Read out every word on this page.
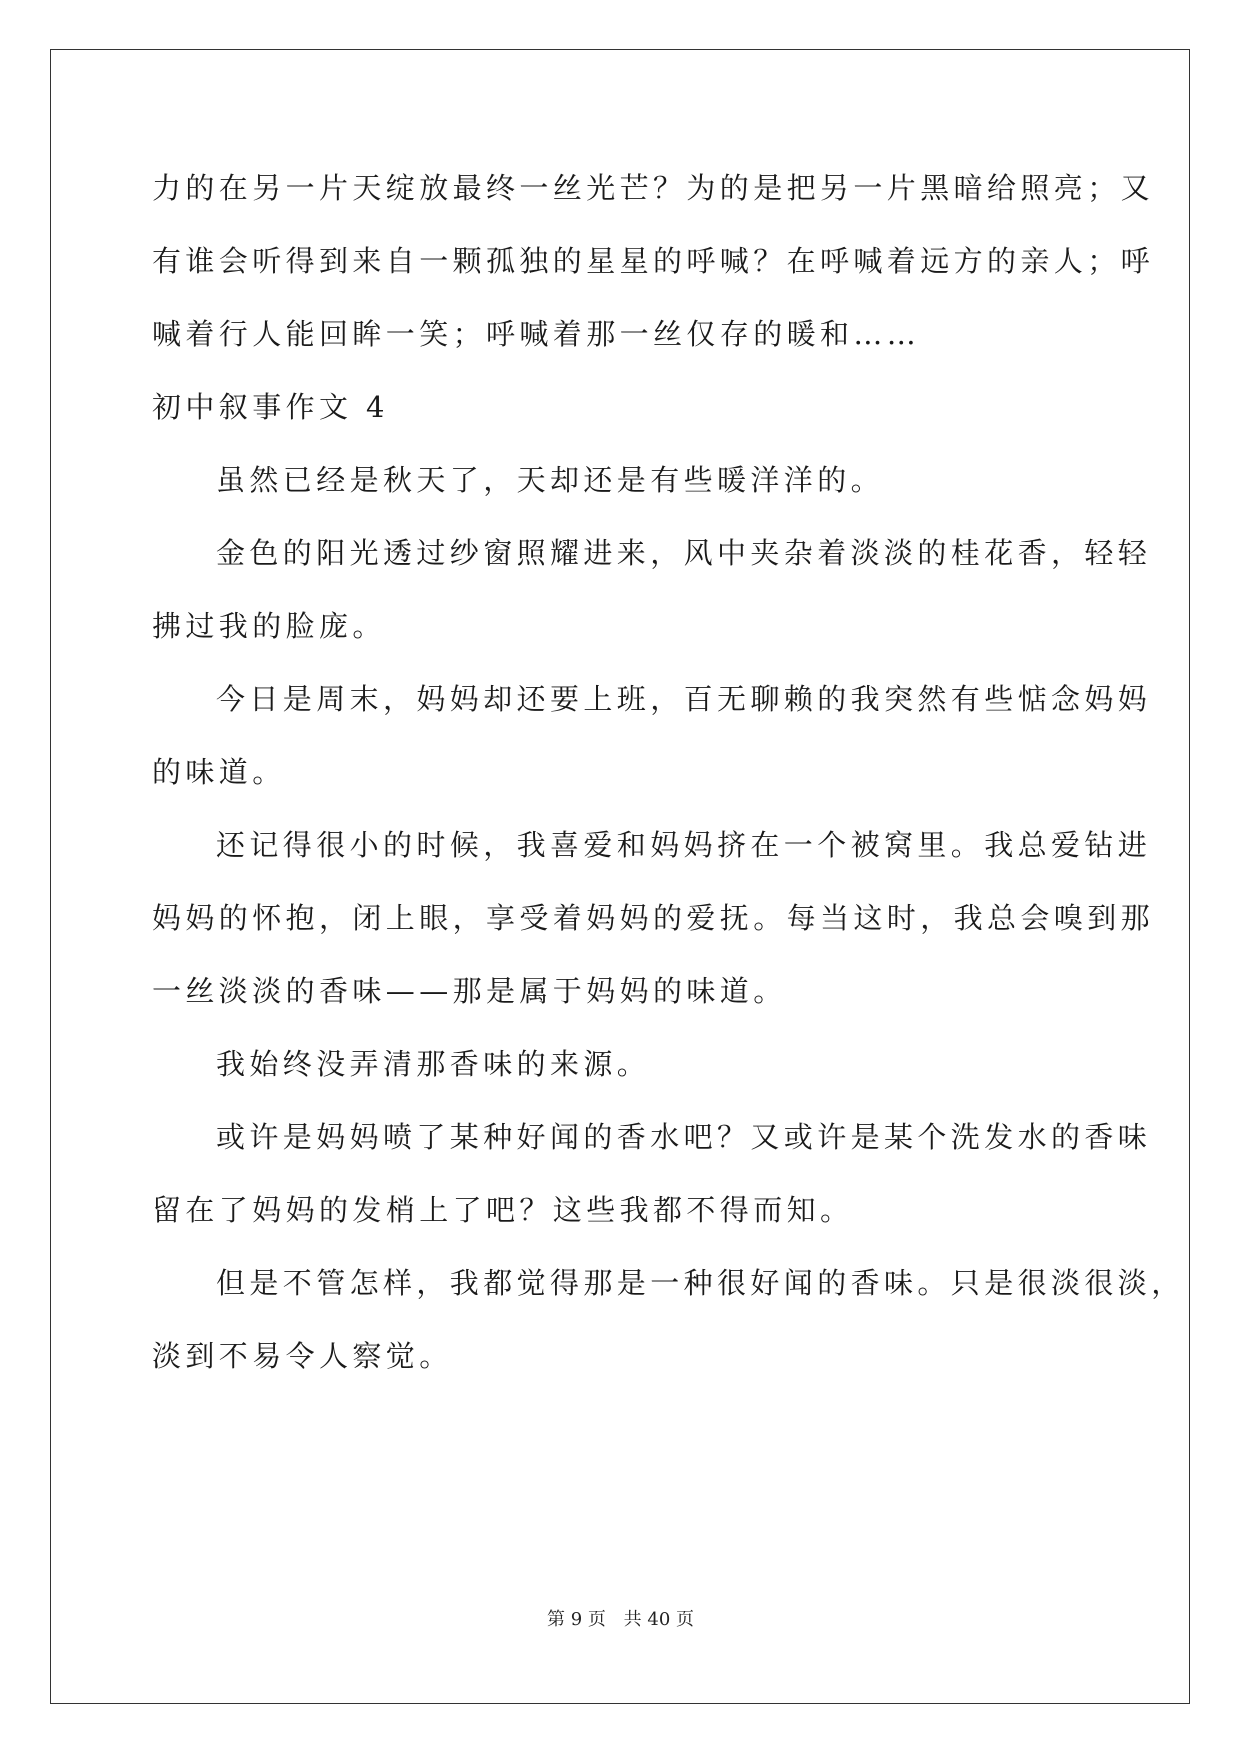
力的在另一片天绽放最终一丝光芒？为的是把另一片黑暗给照亮；又
有谁会听得到来自一颗孤独的星星的呼喊？在呼喊着远方的亲人；呼
喊着行人能回眸一笑；呼喊着那一丝仅存的暖和……
初中叙事作文 4
虽然已经是秋天了，天却还是有些暖洋洋的。
金色的阳光透过纱窗照耀进来，风中夹杂着淡淡的桂花香，轻轻
拂过我的脸庞。
今日是周末，妈妈却还要上班，百无聊赖的我突然有些惦念妈妈
的味道。
还记得很小的时候，我喜爱和妈妈挤在一个被窝里。我总爱钻进
妈妈的怀抱，闭上眼，享受着妈妈的爱抚。每当这时，我总会嗅到那
一丝淡淡的香味——那是属于妈妈的味道。
我始终没弄清那香味的来源。
或许是妈妈喷了某种好闻的香水吧？又或许是某个洗发水的香味
留在了妈妈的发梢上了吧？这些我都不得而知。
但是不管怎样，我都觉得那是一种很好闻的香味。只是很淡很淡，
淡到不易令人察觉。
第 9 页 共 40 页
